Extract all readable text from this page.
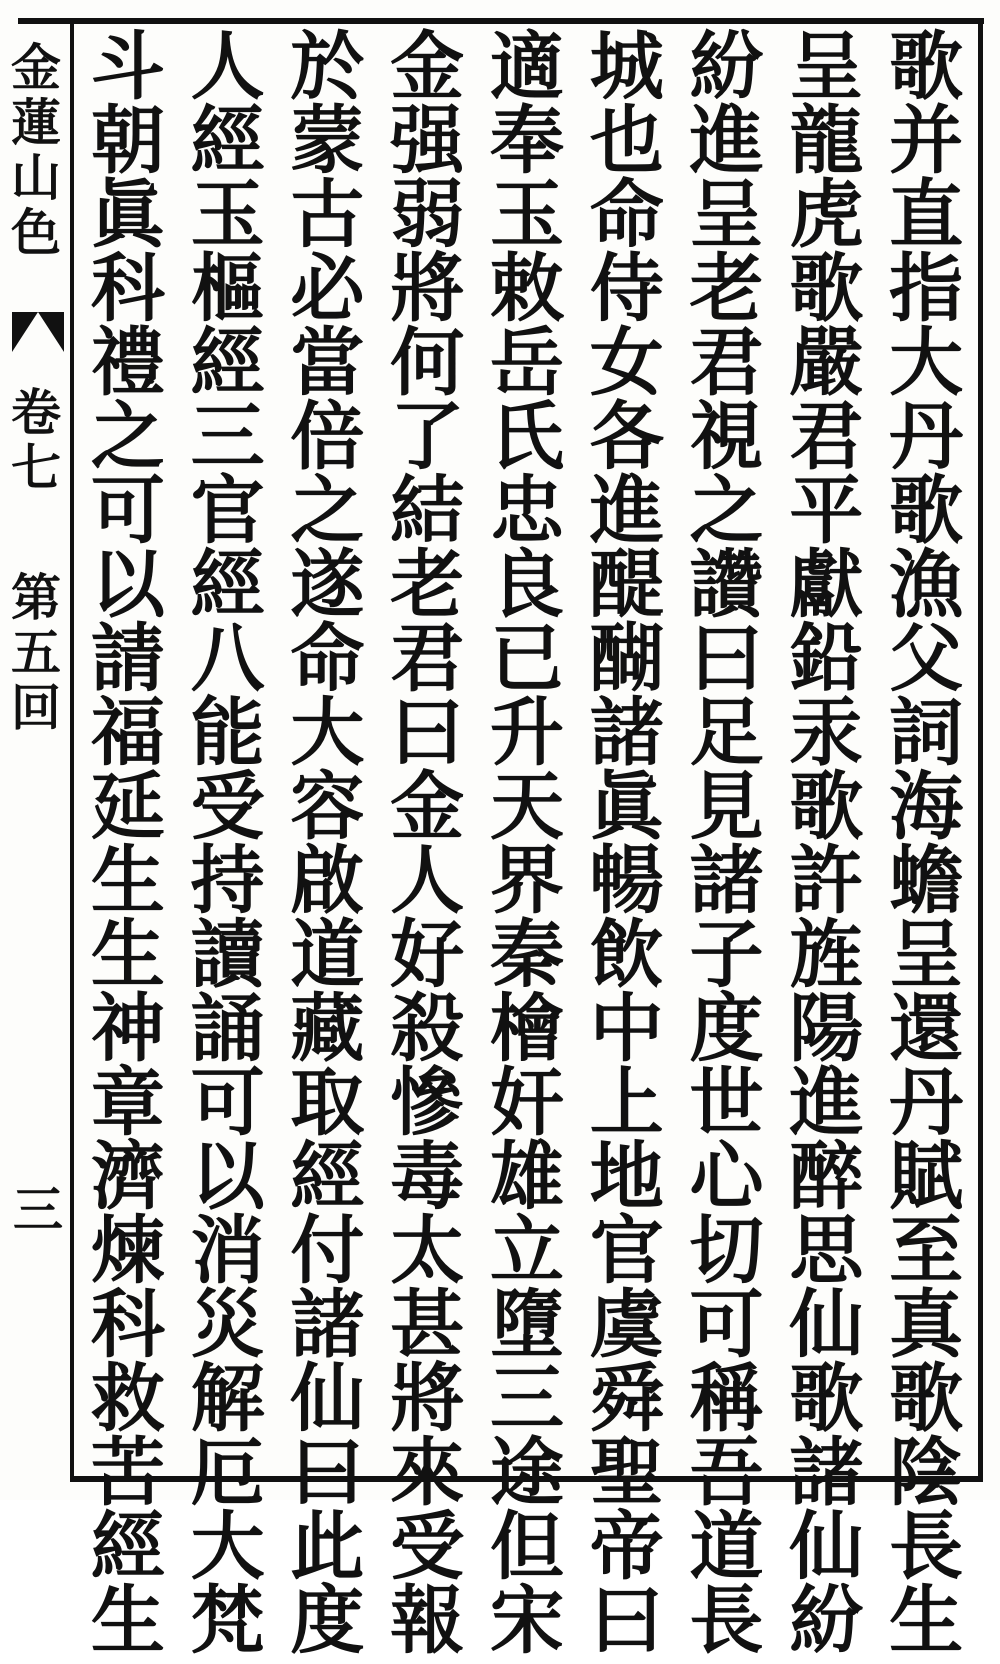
金
蓮
山
色
卷
七
第
五
回
三
歌
并
直
指
大
丹
歌
漁
父
詞
海
蟾
呈
還
丹
賦
至
真
歌
陰
長
生
呈
龍
虎
歌
嚴
君
平
獻
鉛
汞
歌
許
旌
陽
進
醉
思
仙
歌
諸
仙
紛
紛
進
呈
老
君
視
之
讚
曰
足
見
諸
子
度
世
心
切
可
稱
吾
道
長
城
也
命
侍
女
各
進
醍
醐
諸
眞
暢
飲
中
上
地
官
虞
舜
聖
帝
曰
適
奉
玉
敕
岳
氏
忠
良
已
升
天
界
秦
檜
奸
雄
立
墮
三
途
但
宋
金
强
弱
將
何
了
結
老
君
曰
金
人
好
殺
慘
毒
太
甚
將
來
受
報
於
蒙
古
必
當
倍
之
遂
命
大
容
啟
道
藏
取
經
付
諸
仙
曰
此
度
人
經
玉
樞
經
三
官
經
八
能
受
持
讀
誦
可
以
消
災
解
厄
大
梵
斗
朝
眞
科
禮
之
可
以
請
福
延
生
生
神
章
濟
煉
科
救
苦
經
生
